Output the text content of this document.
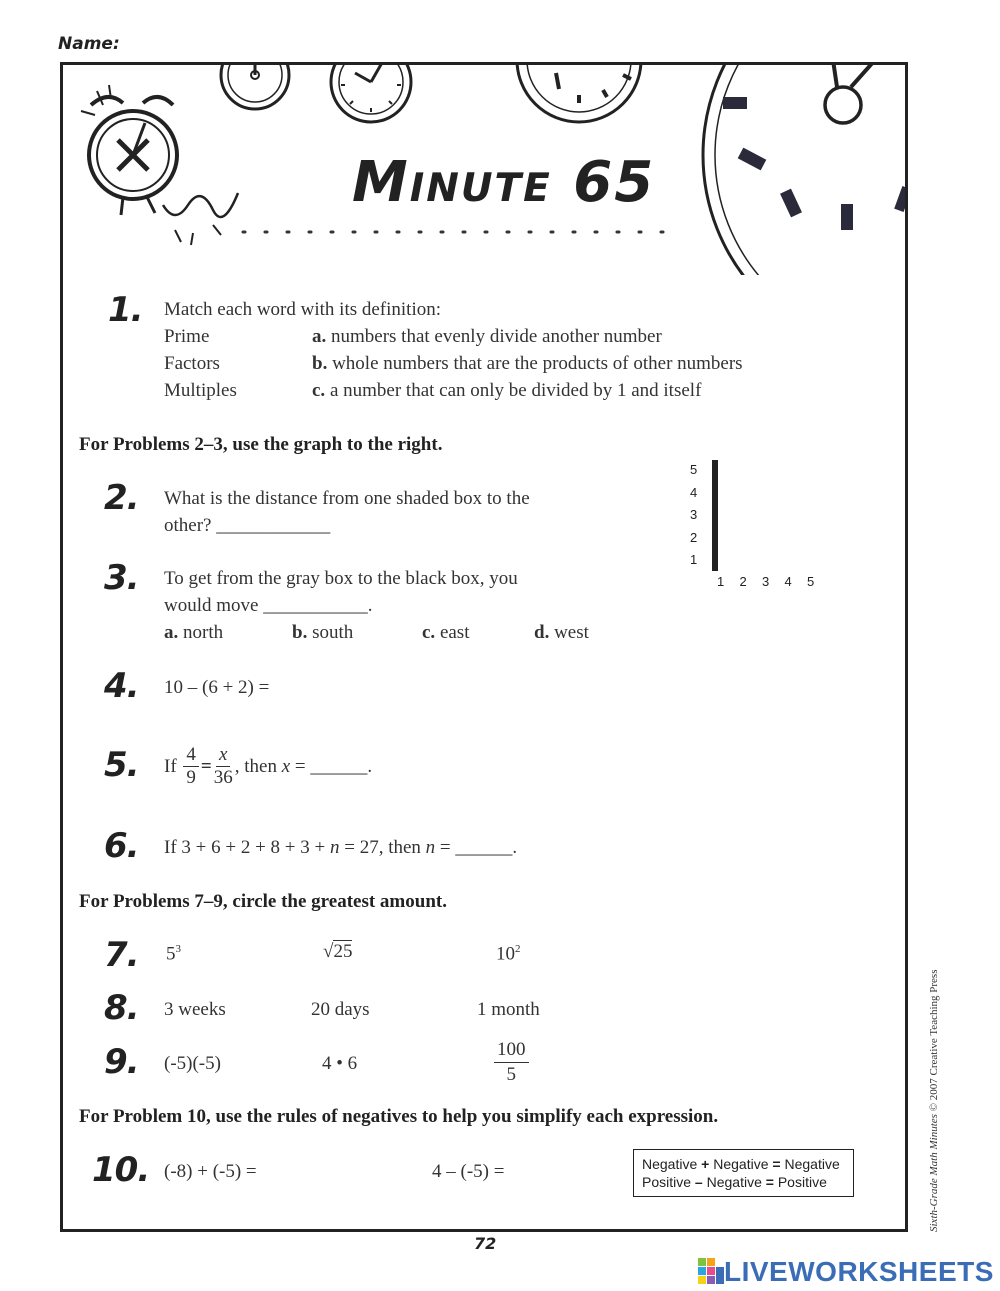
Name:
Minute 65
1. Match each word with its definition:
Prime	a. numbers that evenly divide another number
Factors	b. whole numbers that are the products of other numbers
Multiples	c. a number that can only be divided by 1 and itself
For Problems 2–3, use the graph to the right.
2. What is the distance from one shaded box to the
other? ____________
3. To get from the gray box to the black box, you
would move ___________.
a. north	b. south	c. east	d. west
5
4
3
2
1

1	2	3	4	5
4. 10 – (6 + 2) =
5. If
$\frac{4}{9} = \frac{x}{36}$ , then
x
= ______.
6. If 3 + 6 + 2 + 8 + 3 + n = 27, then n = ______.
For Problems 7–9, circle the greatest amount.
7. $5^3$	√25	$10^2$
8. 3 weeks	20 days	1 month
9. (-5)(-5)	4 • 6	$\frac{100}{5}$
For Problem 10, use the rules of negatives to help you simplify each expression.
10. (-8) + (-5) =	4 – (-5) =	Negative + Negative = Negative
Positive – Negative = Positive	Sixth-Grade Math Minutes © 2007 Creative Teaching Press
72
LIVEWORKSHEETS
